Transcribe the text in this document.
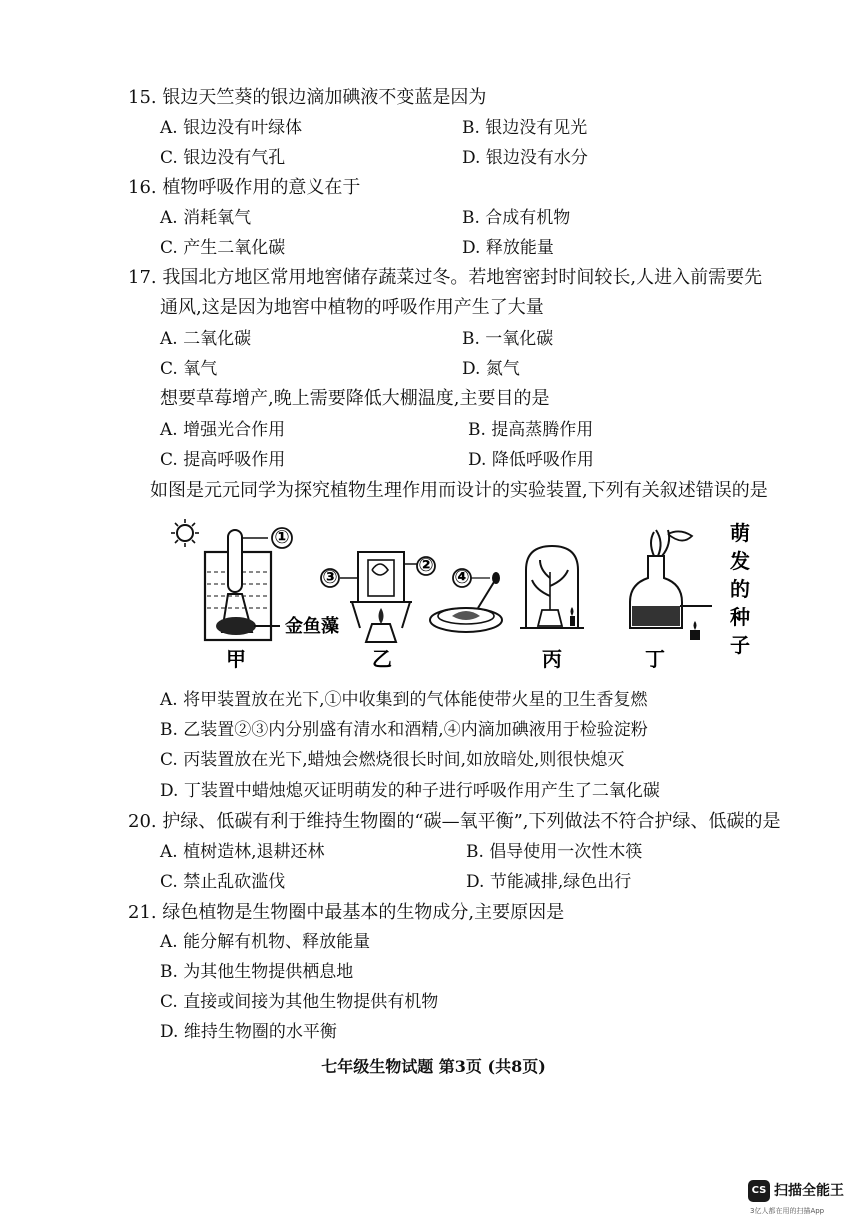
15. 银边天竺葵的银边滴加碘液不变蓝是因为
A. 银边没有叶绿体	B. 银边没有见光
C. 银边没有气孔	D. 银边没有水分
16. 植物呼吸作用的意义在于
A. 消耗氧气	B. 合成有机物
C. 产生二氧化碳	D. 释放能量
17. 我国北方地区常用地窖储存蔬菜过冬。若地窖密封时间较长,人进入前需要先
通风,这是因为地窖中植物的呼吸作用产生了大量
A. 二氧化碳	B. 一氧化碳
C. 氧气	D. 氮气
想要草莓增产,晚上需要降低大棚温度,主要目的是
A. 增强光合作用	B. 提高蒸腾作用
C. 提高呼吸作用	D. 降低呼吸作用
如图是元元同学为探究植物生理作用而设计的实验装置,下列有关叙述错误的是
①
金鱼藻
甲
②
③
乙
④
丙	丁
萌
发
的
种
子
A. 将甲装置放在光下,①中收集到的气体能使带火星的卫生香复燃
B. 乙装置②③内分别盛有清水和酒精,④内滴加碘液用于检验淀粉
C. 丙装置放在光下,蜡烛会燃烧很长时间,如放暗处,则很快熄灭
D. 丁装置中蜡烛熄灭证明萌发的种子进行呼吸作用产生了二氧化碳
20. 护绿、低碳有利于维持生物圈的“碳—氧平衡”,下列做法不符合护绿、低碳的是
A. 植树造林,退耕还林	B. 倡导使用一次性木筷
C. 禁止乱砍滥伐	D. 节能减排,绿色出行
21. 绿色植物是生物圈中最基本的生物成分,主要原因是
A. 能分解有机物、释放能量
B. 为其他生物提供栖息地
C. 直接或间接为其他生物提供有机物
D. 维持生物圈的水平衡
七年级生物试题 第3页 (共8页)
CS 扫描全能王
3亿人都在用的扫描App
